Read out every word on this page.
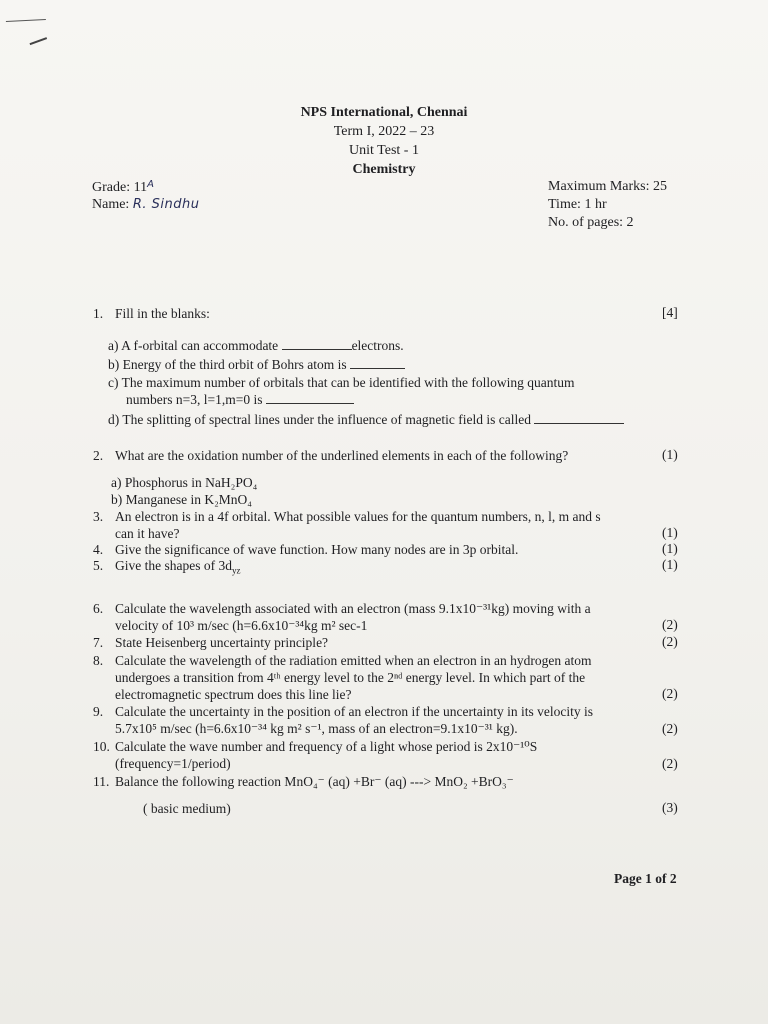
NPS International, Chennai
Term I, 2022 – 23
Unit Test - 1
Chemistry
Grade: $11^A$
Name: R. Sindhu
Maximum Marks: 25
Time: 1 hr
No. of pages: 2
1. Fill in the blanks:	[4]
a) A f-orbital can accommodate	electrons.
b) Energy of the third orbit of Bohrs atom is
c) The maximum number of orbitals that can be identified with the following quantum
numbers n=3, l=1,m=0 is
d) The splitting of spectral lines under the influence of magnetic field is called
2. What are the oxidation number of the underlined elements in each of the following?	(1)
a) Phosphorus in NaH₂PO₄
b) Manganese in K₂MnO₄
3. An electron is in a 4f orbital. What possible values for the quantum numbers, n, l, m and s
can it have?	(1)
4. Give the significance of wave function. How many nodes are in 3p orbital.	(1)
5. Give the shapes of $3d_{yz}$	(1)
6. Calculate the wavelength associated with an electron (mass 9.1x10⁻³¹kg) moving with a
velocity of 10³ m/sec (h=6.6x10⁻³⁴kg m² sec-1	(2)
7. State Heisenberg uncertainty principle?	(2)
8. Calculate the wavelength of the radiation emitted when an electron in an hydrogen atom
undergoes a transition from 4ᵗʰ energy level to the 2ⁿᵈ energy level. In which part of the
electromagnetic spectrum does this line lie?	(2)
9. Calculate the uncertainty in the position of an electron if the uncertainty in its velocity is
5.7x10⁵ m/sec (h=6.6x10⁻³⁴ kg m² s⁻¹, mass of an electron=9.1x10⁻³¹ kg).	(2)
10. Calculate the wave number and frequency of a light whose period is 2x10⁻¹⁰S
(frequency=1/period)	(2)
11. Balance the following reaction MnO₄⁻ (aq) +Br⁻ (aq) ---> MnO₂ +BrO₃⁻
( basic medium)	(3)
Page 1 of 2
